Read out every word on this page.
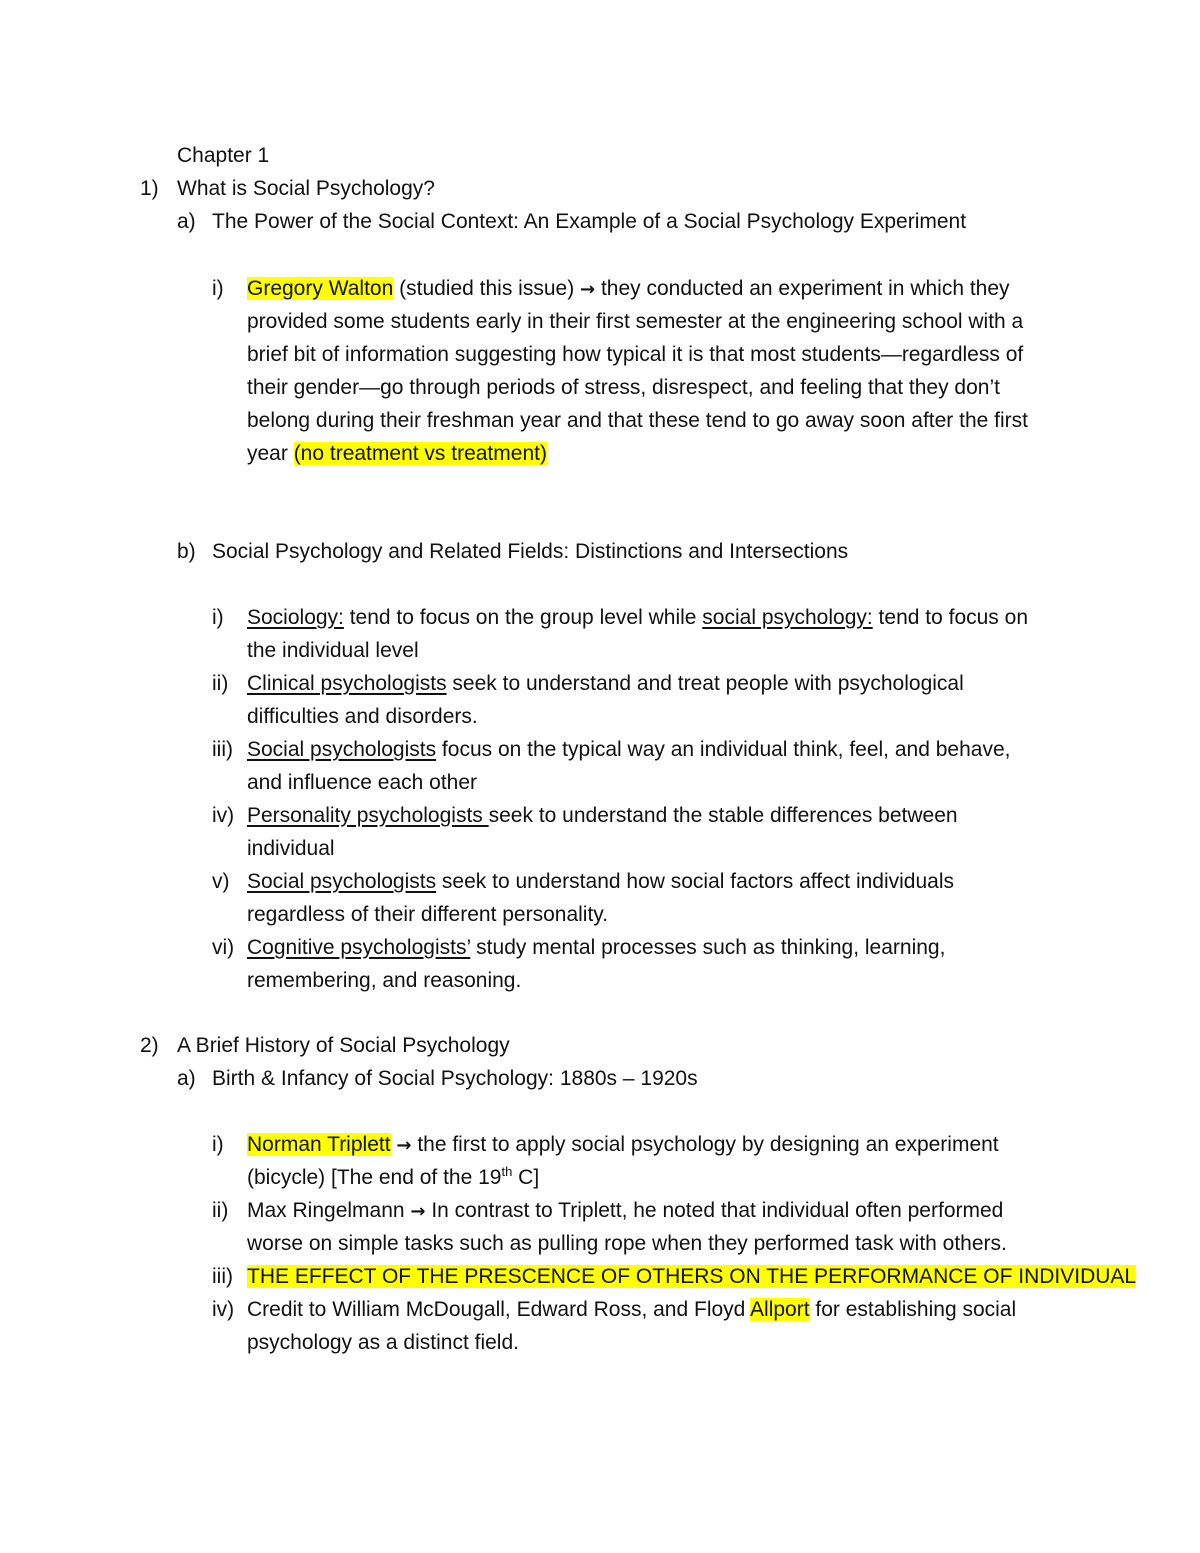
Chapter 1
1) What is Social Psychology?
a) The Power of the Social Context: An Example of a Social Psychology Experiment
i) Gregory Walton (studied this issue) → they conducted an experiment in which they
provided some students early in their first semester at the engineering school with a
brief bit of information suggesting how typical it is that most students—regardless of
their gender—go through periods of stress, disrespect, and feeling that they don’t
belong during their freshman year and that these tend to go away soon after the first
year (no treatment vs treatment)
b) Social Psychology and Related Fields: Distinctions and Intersections
i) Sociology: tend to focus on the group level while social psychology: tend to focus on
the individual level
ii) Clinical psychologists seek to understand and treat people with psychological
difficulties and disorders.
iii) Social psychologists focus on the typical way an individual think, feel, and behave,
and influence each other
iv) Personality psychologists seek to understand the stable differences between
individual
v) Social psychologists seek to understand how social factors affect individuals
regardless of their different personality.
vi) Cognitive psychologists’ study mental processes such as thinking, learning,
remembering, and reasoning.
2) A Brief History of Social Psychology
a) Birth & Infancy of Social Psychology: 1880s – 1920s
i) Norman Triplett → the first to apply social psychology by designing an experiment
(bicycle) [The end of the 19th C]
ii) Max Ringelmann → In contrast to Triplett, he noted that individual often performed
worse on simple tasks such as pulling rope when they performed task with others.
iii) THE EFFECT OF THE PRESCENCE OF OTHERS ON THE PERFORMANCE OF INDIVIDUAL
iv) Credit to William McDougall, Edward Ross, and Floyd Allport for establishing social
psychology as a distinct field.
